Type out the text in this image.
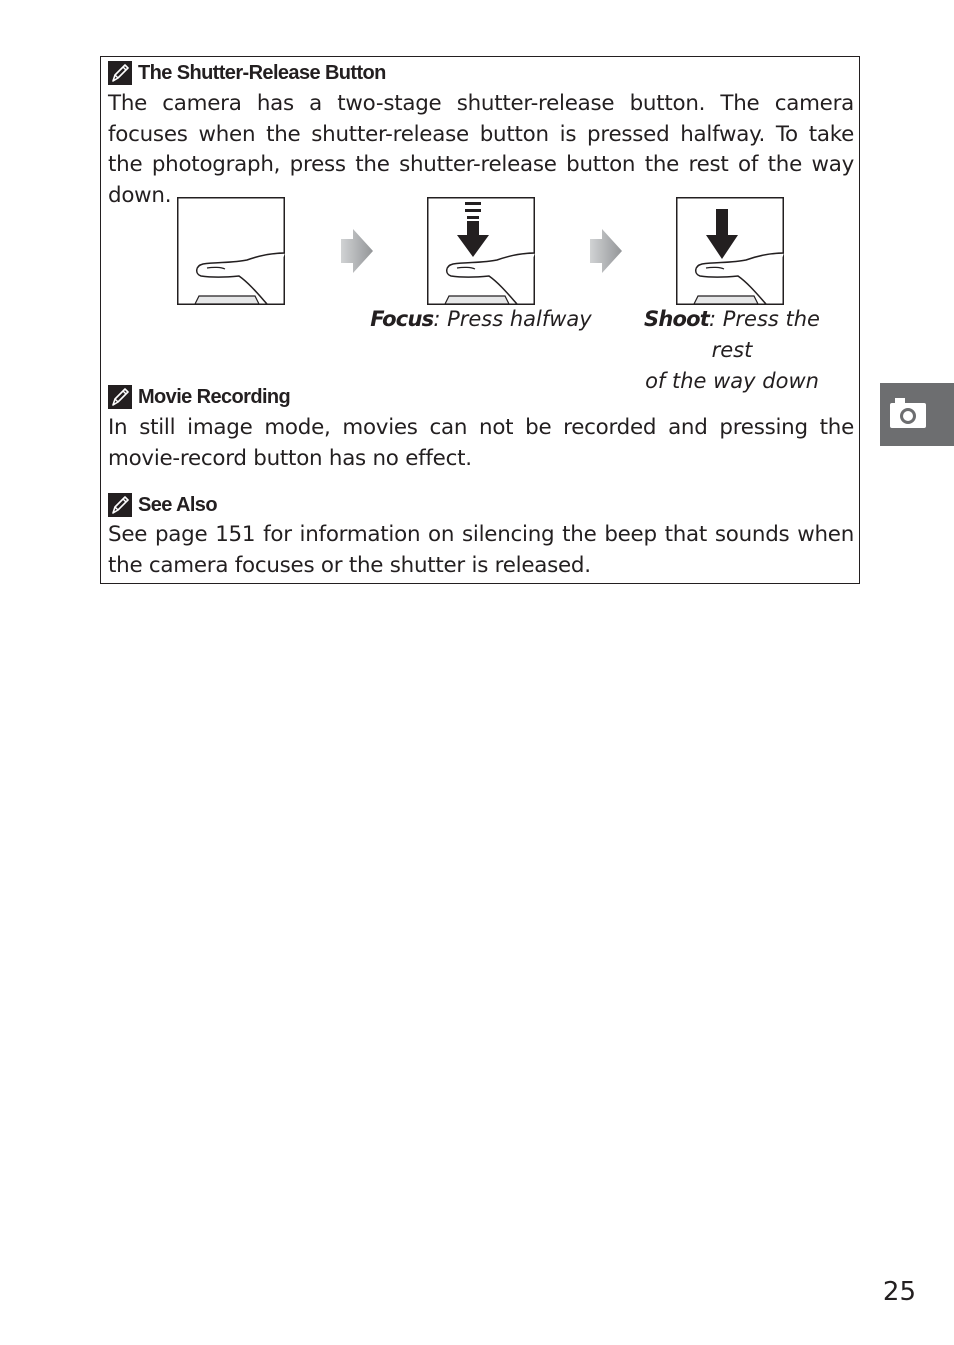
The Shutter-Release Button
The camera has a two-stage shutter-release button. The camera focuses when the shutter-release button is pressed halfway. To take the photograph, press the shutter-release button the rest of the way down.
Focus: Press halfway	Shoot: Press the rest
of the way down
Movie Recording
In still image mode, movies can not be recorded and pressing the movie-record button has no effect.
See Also
See page 151 for information on silencing the beep that sounds when the camera focuses or the shutter is released.
25
